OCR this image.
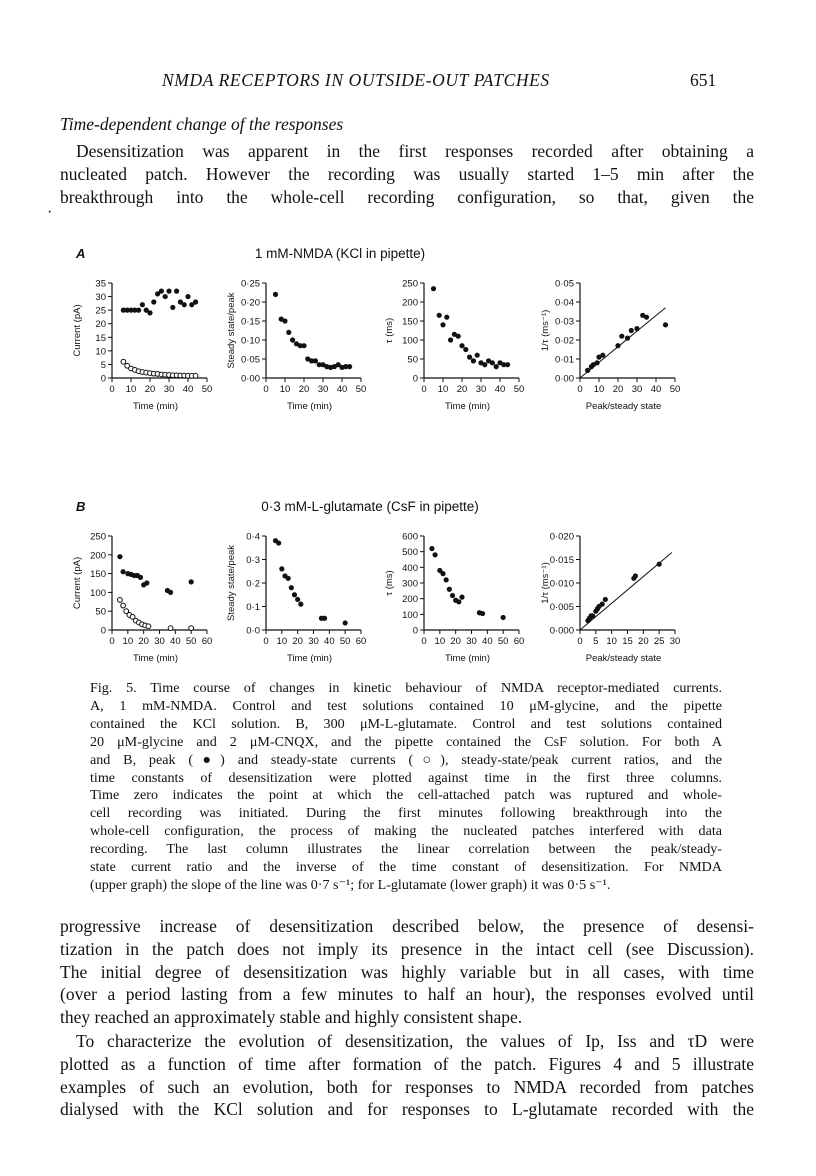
NMDA RECEPTORS IN OUTSIDE-OUT PATCHES	651
Time-dependent change of the responses
Desensitization was apparent in the first responses recorded after obtaining a
nucleated patch. However the recording was usually started 1–5 min after the
breakthrough into the whole-cell recording configuration, so that, given the
·
A	1 mM-NMDA (KCl in pipette)
0
5
10
15
20
25
30
35
0 10 20 30 40 50
Time (min)
Current (pA)
0·00
0·05
0·10
0·15
0·20
0·25
0 10 20 30 40 50
Time (min)
Steady state/peak
0
50
100
150
200
250
0 10 20 30 40 50
Time (min)
τ (ms)
0·00
0·01
0·02
0·03
0·04
0·05
0 10 20 30 40 50
Peak/steady state
1/τ (ms⁻¹)
B	0·3 mM-L-glutamate (CsF in pipette)
0
50
100
150
200
250
0 10 20 30 40 50 60
Time (min)
Current (pA)
0·0
0·1
0·2
0·3
0·4
0 10 20 30 40 50 60
Time (min)
Steady state/peak
0
100
200
300
400
500
600
0 10 20 30 40 50 60
Time (min)
τ (ms)
0·000
0·005
0·010
0·015
0·020
0 5 10 15 20 25 30
Peak/steady state
1/τ (ms⁻¹)
Fig. 5. Time course of changes in kinetic behaviour of NMDA receptor-mediated currents.
A, 1 mM-NMDA. Control and test solutions contained 10 μM-glycine, and the pipette
contained the KCl solution. B, 300 μM-L-glutamate. Control and test solutions contained
20 μM-glycine and 2 μM-CNQX, and the pipette contained the CsF solution. For both A
and B, peak (●) and steady-state currents (○), steady-state/peak current ratios, and the
time constants of desensitization were plotted against time in the first three columns.
Time zero indicates the point at which the cell-attached patch was ruptured and whole-
cell recording was initiated. During the first minutes following breakthrough into the
whole-cell configuration, the process of making the nucleated patches interfered with data
recording. The last column illustrates the linear correlation between the peak/steady-
state current ratio and the inverse of the time constant of desensitization. For NMDA
(upper graph) the slope of the line was 0·7 s⁻¹; for L-glutamate (lower graph) it was 0·5 s⁻¹.
progressive increase of desensitization described below, the presence of desensi-
tization in the patch does not imply its presence in the intact cell (see Discussion).
The initial degree of desensitization was highly variable but in all cases, with time
(over a period lasting from a few minutes to half an hour), the responses evolved until
they reached an approximately stable and highly consistent shape.
To characterize the evolution of desensitization, the values of Ip, Iss and τD were
plotted as a function of time after formation of the patch. Figures 4 and 5 illustrate
examples of such an evolution, both for responses to NMDA recorded from patches
dialysed with the KCl solution and for responses to L-glutamate recorded with the
